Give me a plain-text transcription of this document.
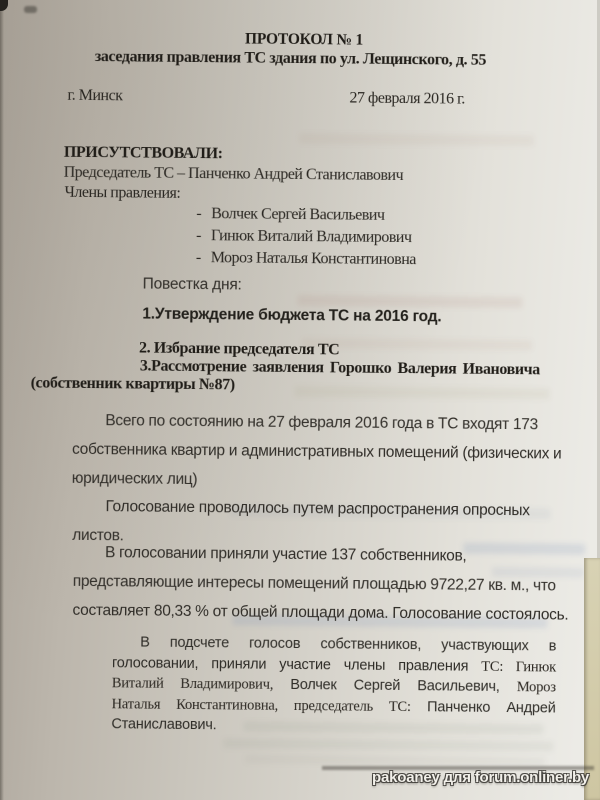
ПРОТОКОЛ № 1
заседания правления ТС здания по ул. Лещинского, д. 55
г. Минск	27 февраля 2016 г.
ПРИСУТСТВОВАЛИ:
Председатель ТС – Панченко Андрей Станиславович
Члены правления:
- Волчек Сергей Васильевич
- Гинюк Виталий Владимирович
- Мороз Наталья Константиновна
Повестка дня:
1.Утверждение бюджета ТС на 2016 год.
2. Избрание председателя ТС
3.Рассмотрение заявления Горошко Валерия Ивановича
(собственник квартиры №87)
Всего по состоянию на 27 февраля 2016 года в ТС входят 173
собственника квартир и административных помещений (физических и
юридических лиц)
Голосование проводилось путем распространения опросных
листов.
В голосовании приняли участие 137 собственников,
представляющие интересы помещений площадью 9722,27 кв. м., что
составляет 80,33 % от общей площади дома. Голосование состоялось.
В подсчете голосов собственников, участвующих в
голосовании, приняли участие члены правления ТС: Гинюк
Виталий Владимирович, Волчек Сергей Васильевич, Мороз
Наталья Константиновна, председатель ТС: Панченко Андрей
Станиславович.
pakoaney для forum.onliner.by
